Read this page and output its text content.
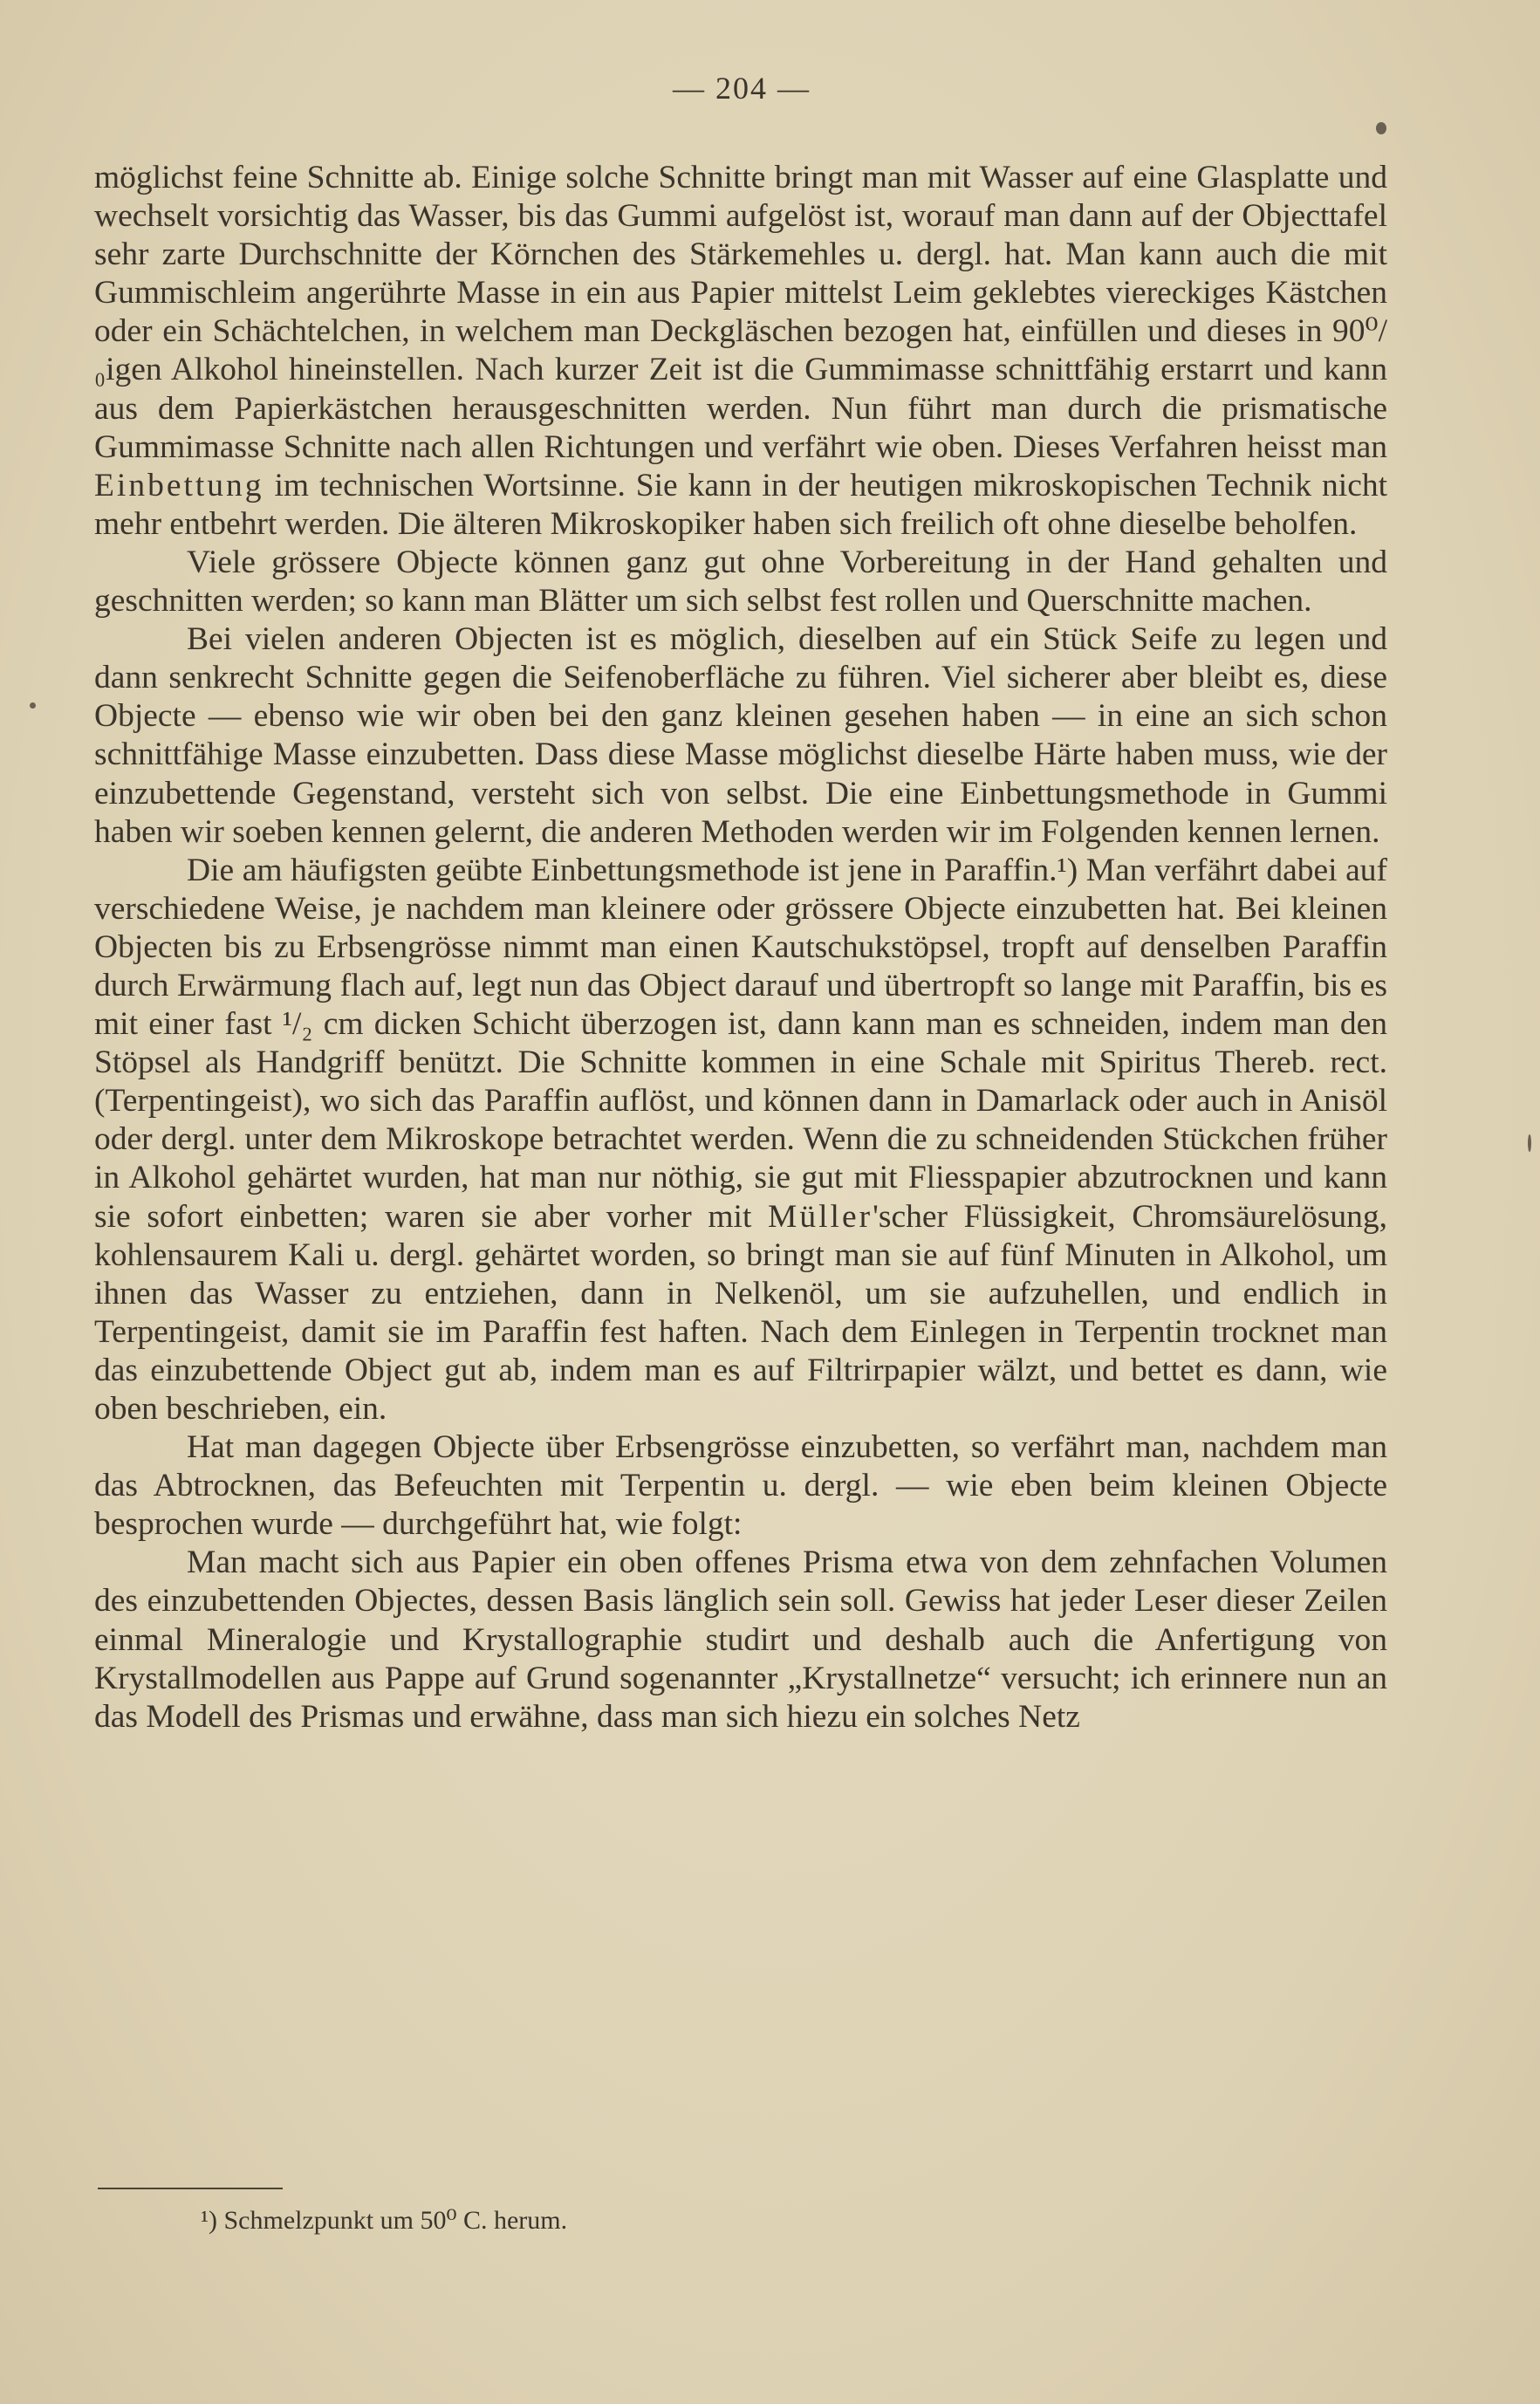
— 204 —

möglichst feine Schnitte ab. Einige solche Schnitte bringt man mit Wasser auf eine Glasplatte und wechselt vorsichtig das Wasser, bis das Gummi aufgelöst ist, worauf man dann auf der Objecttafel sehr zarte Durchschnitte der Körnchen des Stärkemehles u. dergl. hat. Man kann auch die mit Gummischleim angerührte Masse in ein aus Papier mittelst Leim geklebtes viereckiges Kästchen oder ein Schächtelchen, in welchem man Deckgläschen bezogen hat, einfüllen und dieses in 90⁰/₀igen Alkohol hineinstellen. Nach kurzer Zeit ist die Gummimasse schnittfähig erstarrt und kann aus dem Papierkästchen herausgeschnitten werden. Nun führt man durch die prismatische Gummimasse Schnitte nach allen Richtungen und verfährt wie oben. Dieses Verfahren heisst man Einbettung im technischen Wortsinne. Sie kann in der heutigen mikroskopischen Technik nicht mehr entbehrt werden. Die älteren Mikroskopiker haben sich freilich oft ohne dieselbe beholfen.

Viele grössere Objecte können ganz gut ohne Vorbereitung in der Hand gehalten und geschnitten werden; so kann man Blätter um sich selbst fest rollen und Querschnitte machen.

Bei vielen anderen Objecten ist es möglich, dieselben auf ein Stück Seife zu legen und dann senkrecht Schnitte gegen die Seifenoberfläche zu führen. Viel sicherer aber bleibt es, diese Objecte — ebenso wie wir oben bei den ganz kleinen gesehen haben — in eine an sich schon schnittfähige Masse einzubetten. Dass diese Masse möglichst dieselbe Härte haben muss, wie der einzubettende Gegenstand, versteht sich von selbst. Die eine Einbettungsmethode in Gummi haben wir soeben kennen gelernt, die anderen Methoden werden wir im Folgenden kennen lernen.

Die am häufigsten geübte Einbettungsmethode ist jene in Paraffin.¹) Man verfährt dabei auf verschiedene Weise, je nachdem man kleinere oder grössere Objecte einzubetten hat. Bei kleinen Objecten bis zu Erbsengrösse nimmt man einen Kautschukstöpsel, tropft auf denselben Paraffin durch Erwärmung flach auf, legt nun das Object darauf und übertropft so lange mit Paraffin, bis es mit einer fast ¹/₂ cm dicken Schicht überzogen ist, dann kann man es schneiden, indem man den Stöpsel als Handgriff benützt. Die Schnitte kommen in eine Schale mit Spiritus Thereb. rect. (Terpentingeist), wo sich das Paraffin auflöst, und können dann in Damarlack oder auch in Anisöl oder dergl. unter dem Mikroskope betrachtet werden. Wenn die zu schneidenden Stückchen früher in Alkohol gehärtet wurden, hat man nur nöthig, sie gut mit Fliesspapier abzutrocknen und kann sie sofort einbetten; waren sie aber vorher mit Müller'scher Flüssigkeit, Chromsäurelösung, kohlensaurem Kali u. dergl. gehärtet worden, so bringt man sie auf fünf Minuten in Alkohol, um ihnen das Wasser zu entziehen, dann in Nelkenöl, um sie aufzuhellen, und endlich in Terpentingeist, damit sie im Paraffin fest haften. Nach dem Einlegen in Terpentin trocknet man das einzubettende Object gut ab, indem man es auf Filtrirpapier wälzt, und bettet es dann, wie oben beschrieben, ein.

Hat man dagegen Objecte über Erbsengrösse einzubetten, so verfährt man, nachdem man das Abtrocknen, das Befeuchten mit Terpentin u. dergl. — wie eben beim kleinen Objecte besprochen wurde — durchgeführt hat, wie folgt:

Man macht sich aus Papier ein oben offenes Prisma etwa von dem zehnfachen Volumen des einzubettenden Objectes, dessen Basis länglich sein soll. Gewiss hat jeder Leser dieser Zeilen einmal Mineralogie und Krystallographie studirt und deshalb auch die Anfertigung von Krystallmodellen aus Pappe auf Grund sogenannter „Krystallnetze“ versucht; ich erinnere nun an das Modell des Prismas und erwähne, dass man sich hiezu ein solches Netz

¹) Schmelzpunkt um 50⁰ C. herum.
